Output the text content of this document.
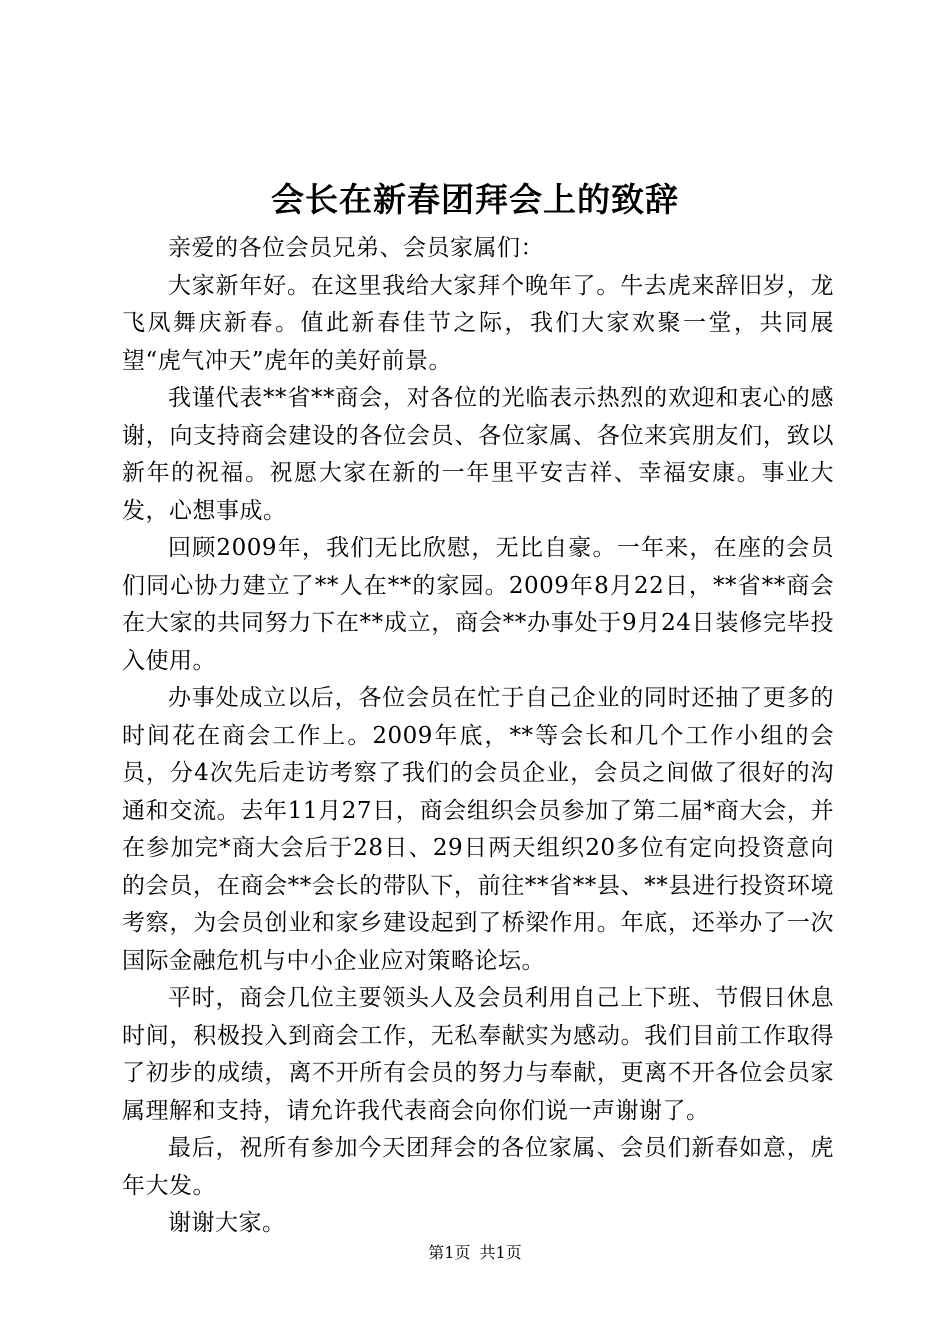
会长在新春团拜会上的致辞

亲爱的各位会员兄弟、会员家属们：

大家新年好。在这里我给大家拜个晚年了。牛去虎来辞旧岁，龙飞凤舞庆新春。值此新春佳节之际，我们大家欢聚一堂，共同展望“虎气冲天”虎年的美好前景。

我谨代表**省**商会，对各位的光临表示热烈的欢迎和衷心的感谢，向支持商会建设的各位会员、各位家属、各位来宾朋友们，致以新年的祝福。祝愿大家在新的一年里平安吉祥、幸福安康。事业大发，心想事成。

回顾2009年，我们无比欣慰，无比自豪。一年来，在座的会员们同心协力建立了**人在**的家园。2009年8月22日，**省**商会在大家的共同努力下在**成立，商会**办事处于9月24日装修完毕投入使用。

办事处成立以后，各位会员在忙于自己企业的同时还抽了更多的时间花在商会工作上。2009年底，**等会长和几个工作小组的会员，分4次先后走访考察了我们的会员企业，会员之间做了很好的沟通和交流。去年11月27日，商会组织会员参加了第二届*商大会，并在参加完*商大会后于28日、29日两天组织20多位有定向投资意向的会员，在商会**会长的带队下，前往**省**县、**县进行投资环境考察，为会员创业和家乡建设起到了桥梁作用。年底，还举办了一次国际金融危机与中小企业应对策略论坛。

平时，商会几位主要领头人及会员利用自己上下班、节假日休息时间，积极投入到商会工作，无私奉献实为感动。我们目前工作取得了初步的成绩，离不开所有会员的努力与奉献，更离不开各位会员家属理解和支持，请允许我代表商会向你们说一声谢谢了。

最后，祝所有参加今天团拜会的各位家属、会员们新春如意，虎年大发。

谢谢大家。

第1页 共1页
